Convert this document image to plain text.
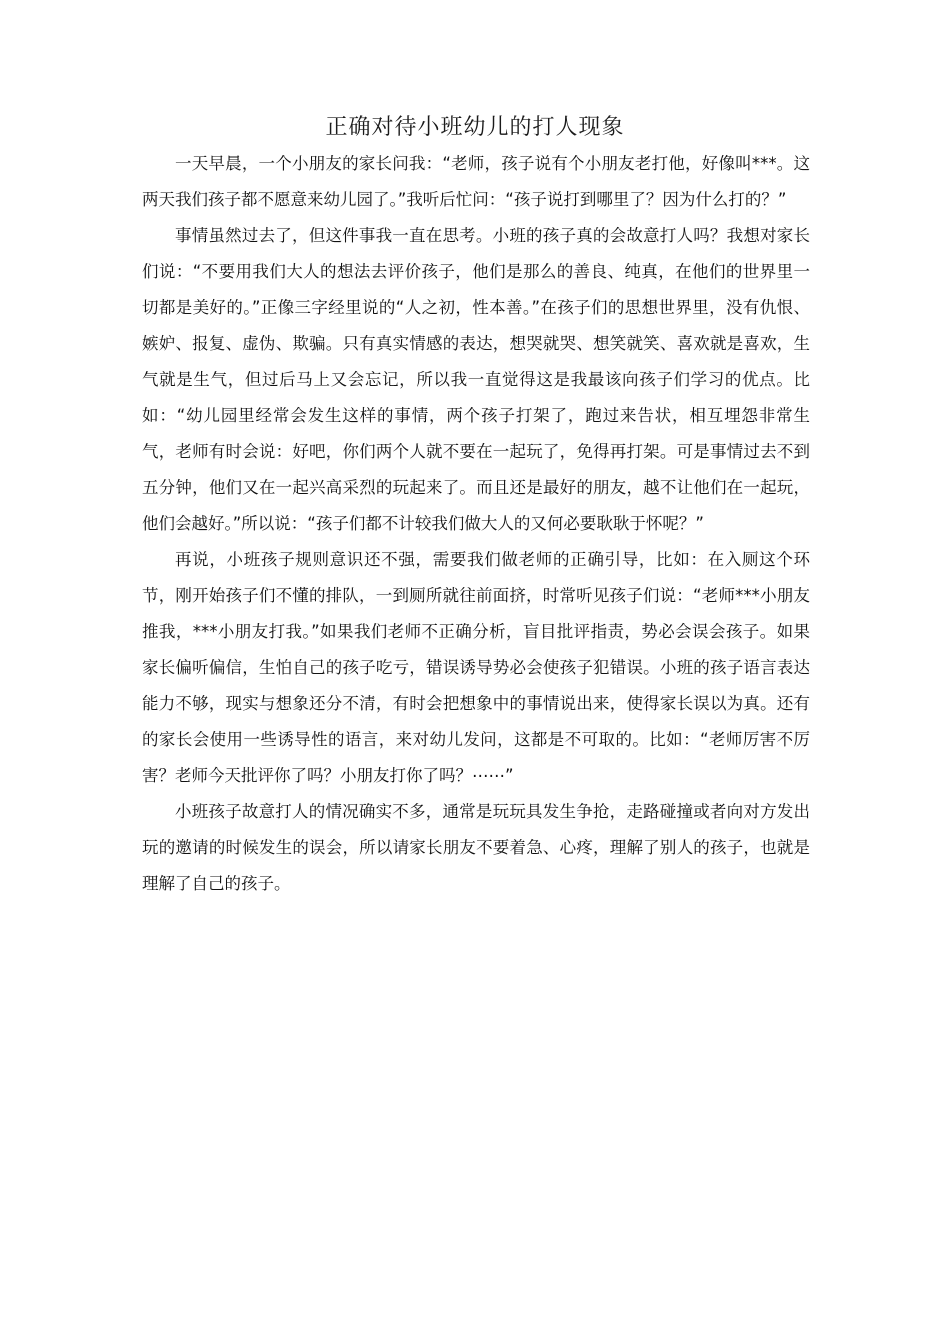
正确对待小班幼儿的打人现象

一天早晨，一个小朋友的家长问我：“老师，孩子说有个小朋友老打他，好像叫***。这两天我们孩子都不愿意来幼儿园了。”我听后忙问：“孩子说打到哪里了？因为什么打的？”

事情虽然过去了，但这件事我一直在思考。小班的孩子真的会故意打人吗？我想对家长们说：“不要用我们大人的想法去评价孩子，他们是那么的善良、纯真，在他们的世界里一切都是美好的。”正像三字经里说的“人之初，性本善。”在孩子们的思想世界里，没有仇恨、嫉妒、报复、虚伪、欺骗。只有真实情感的表达，想哭就哭、想笑就笑、喜欢就是喜欢，生气就是生气，但过后马上又会忘记，所以我一直觉得这是我最该向孩子们学习的优点。比如：“幼儿园里经常会发生这样的事情，两个孩子打架了，跑过来告状，相互埋怨非常生气，老师有时会说：好吧，你们两个人就不要在一起玩了，免得再打架。可是事情过去不到五分钟，他们又在一起兴高采烈的玩起来了。而且还是最好的朋友，越不让他们在一起玩，他们会越好。”所以说：“孩子们都不计较我们做大人的又何必要耿耿于怀呢？”

再说，小班孩子规则意识还不强，需要我们做老师的正确引导，比如：在入厕这个环节，刚开始孩子们不懂的排队，一到厕所就往前面挤，时常听见孩子们说：“老师***小朋友推我，***小朋友打我。”如果我们老师不正确分析，盲目批评指责，势必会误会孩子。如果家长偏听偏信，生怕自己的孩子吃亏，错误诱导势必会使孩子犯错误。小班的孩子语言表达能力不够，现实与想象还分不清，有时会把想象中的事情说出来，使得家长误以为真。还有的家长会使用一些诱导性的语言，来对幼儿发问，这都是不可取的。比如：“老师厉害不厉害？老师今天批评你了吗？小朋友打你了吗？⋯⋯”

小班孩子故意打人的情况确实不多，通常是玩玩具发生争抢，走路碰撞或者向对方发出玩的邀请的时候发生的误会，所以请家长朋友不要着急、心疼，理解了别人的孩子，也就是理解了自己的孩子。
